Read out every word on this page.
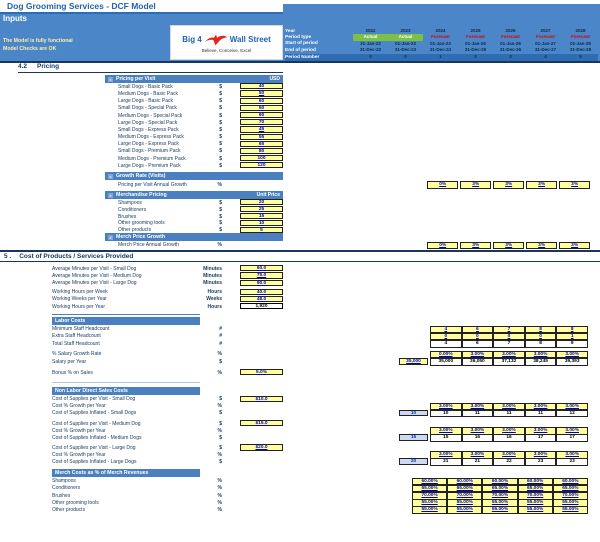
Dog Grooming Services - DCF Model
Inputs
The Model is fully functional
Model Checks are OK
Big 4	Wall Street
Believe, Conceive, Excel
Year	2022	2023	2024	2025	2026	2027	2028
Period type	Actual	Actual	Forecast	Forecast	Forecast	Forecast	Forecast
Start of period	31-Jan-22	01-Jan-23	01-Jan-24	01-Jan-25	01-Jan-26	01-Jan-27	01-Jan-28
End of period	31-Dec-22	31-Dec-23	31-Dec-24	31-Dec-25	31-Dec-26	31-Dec-27	31-Dec-28
Period Number	0	0	1	2	3	4	5
4.2 Pricing
x Pricing per Visit	USD
Small Dogs - Basic Pack	$	40
Medium Dogs - Basic Pack	$	50
Large Dogs - Basic Pack	$	60
Small Dogs - Special Pack	$	50
Medium Dogs - Special Pack	$	60
Large Dogs - Special Pack	$	70
Small Dogs - Express Pack	$	45
Medium Dogs - Express Pack	$	55
Large Dogs - Express Pack	$	65
Small Dogs - Premium Pack	$	80
Medium Dogs - Premium Pack	$	100
Large Dogs - Premium Pack	$	120
x Growth Rate (Visits)
Pricing per Visit Annual Growth	%	0%	3%	3%	3%	3%
x Merchandise Pricing	Unit Price
Shampoos	$	20
Conditioners	$	25
Brushes	$	15
Other grooming tools	$	10
Other products	$	5
x Merch Price Growth
Merch Price Annual Growth	%	0%	3%	3%	3%	3%
5 . Cost of Products / Services Provided
Average Minutes per Visit - Small Dog	Minutes	60.0
Average Minutes per Visit - Medium Dog	Minutes	75.0
Average Minutes per Visit - Large Dog	Minutes	90.0
Working Hours per Week	Hours	40.0
Working Weeks per Year	Weeks	48.0
Working Hours per Year	Hours	1,920
Labor Costs
Minimum Staff Headcount	#	4	6	7	8	8
Extra Staff Headcount	#	0	0	0	0	1
Total Staff Headcount	#	4	6	7	8	9
% Salary Growth Rate	%	0.00%	3.00%	3.00%	3.00%	3.00%
Salary per Year	$	35,000	35,000	36,050	37,132	38,245	39,393
Bonus % on Sales	%	5.0%
Non Labor Direct Sales Costs
Cost of Supplies per Visit - Small Dog	$	$10.0
Cost % Growth per Year	%	3.00%	3.00%	3.00%	3.00%	3.00%
Cost of Supplies Inflated - Small Dogs	$	10	10	11	11	11	12
Cost of Supplies per Visit - Medium Dog	$	$15.0
Cost % Growth per Year	%	3.00%	3.00%	3.00%	3.00%	3.00%
Cost of Supplies Inflated - Medium Dogs	$	15	15	16	16	17	17
Cost of Supplies per Visit - Large Dog	$	$20.0
Cost % Growth per Year	%	3.00%	3.00%	3.00%	3.00%	3.00%
Cost of Supplies Inflated - Large Dogs	$	20	21	21	22	23	23
Merch Costs as % of Merch Revenues
Shampoos	%	60.00%	60.00%	60.00%	60.00%	60.00%
Conditioners	%	65.00%	65.00%	65.00%	65.00%	65.00%
Brushes	%	70.00%	70.00%	70.00%	70.00%	70.00%
Other grooming tools	%	55.00%	55.00%	55.00%	55.00%	55.00%
Other products	%	55.00%	55.00%	55.00%	55.00%	55.00%
